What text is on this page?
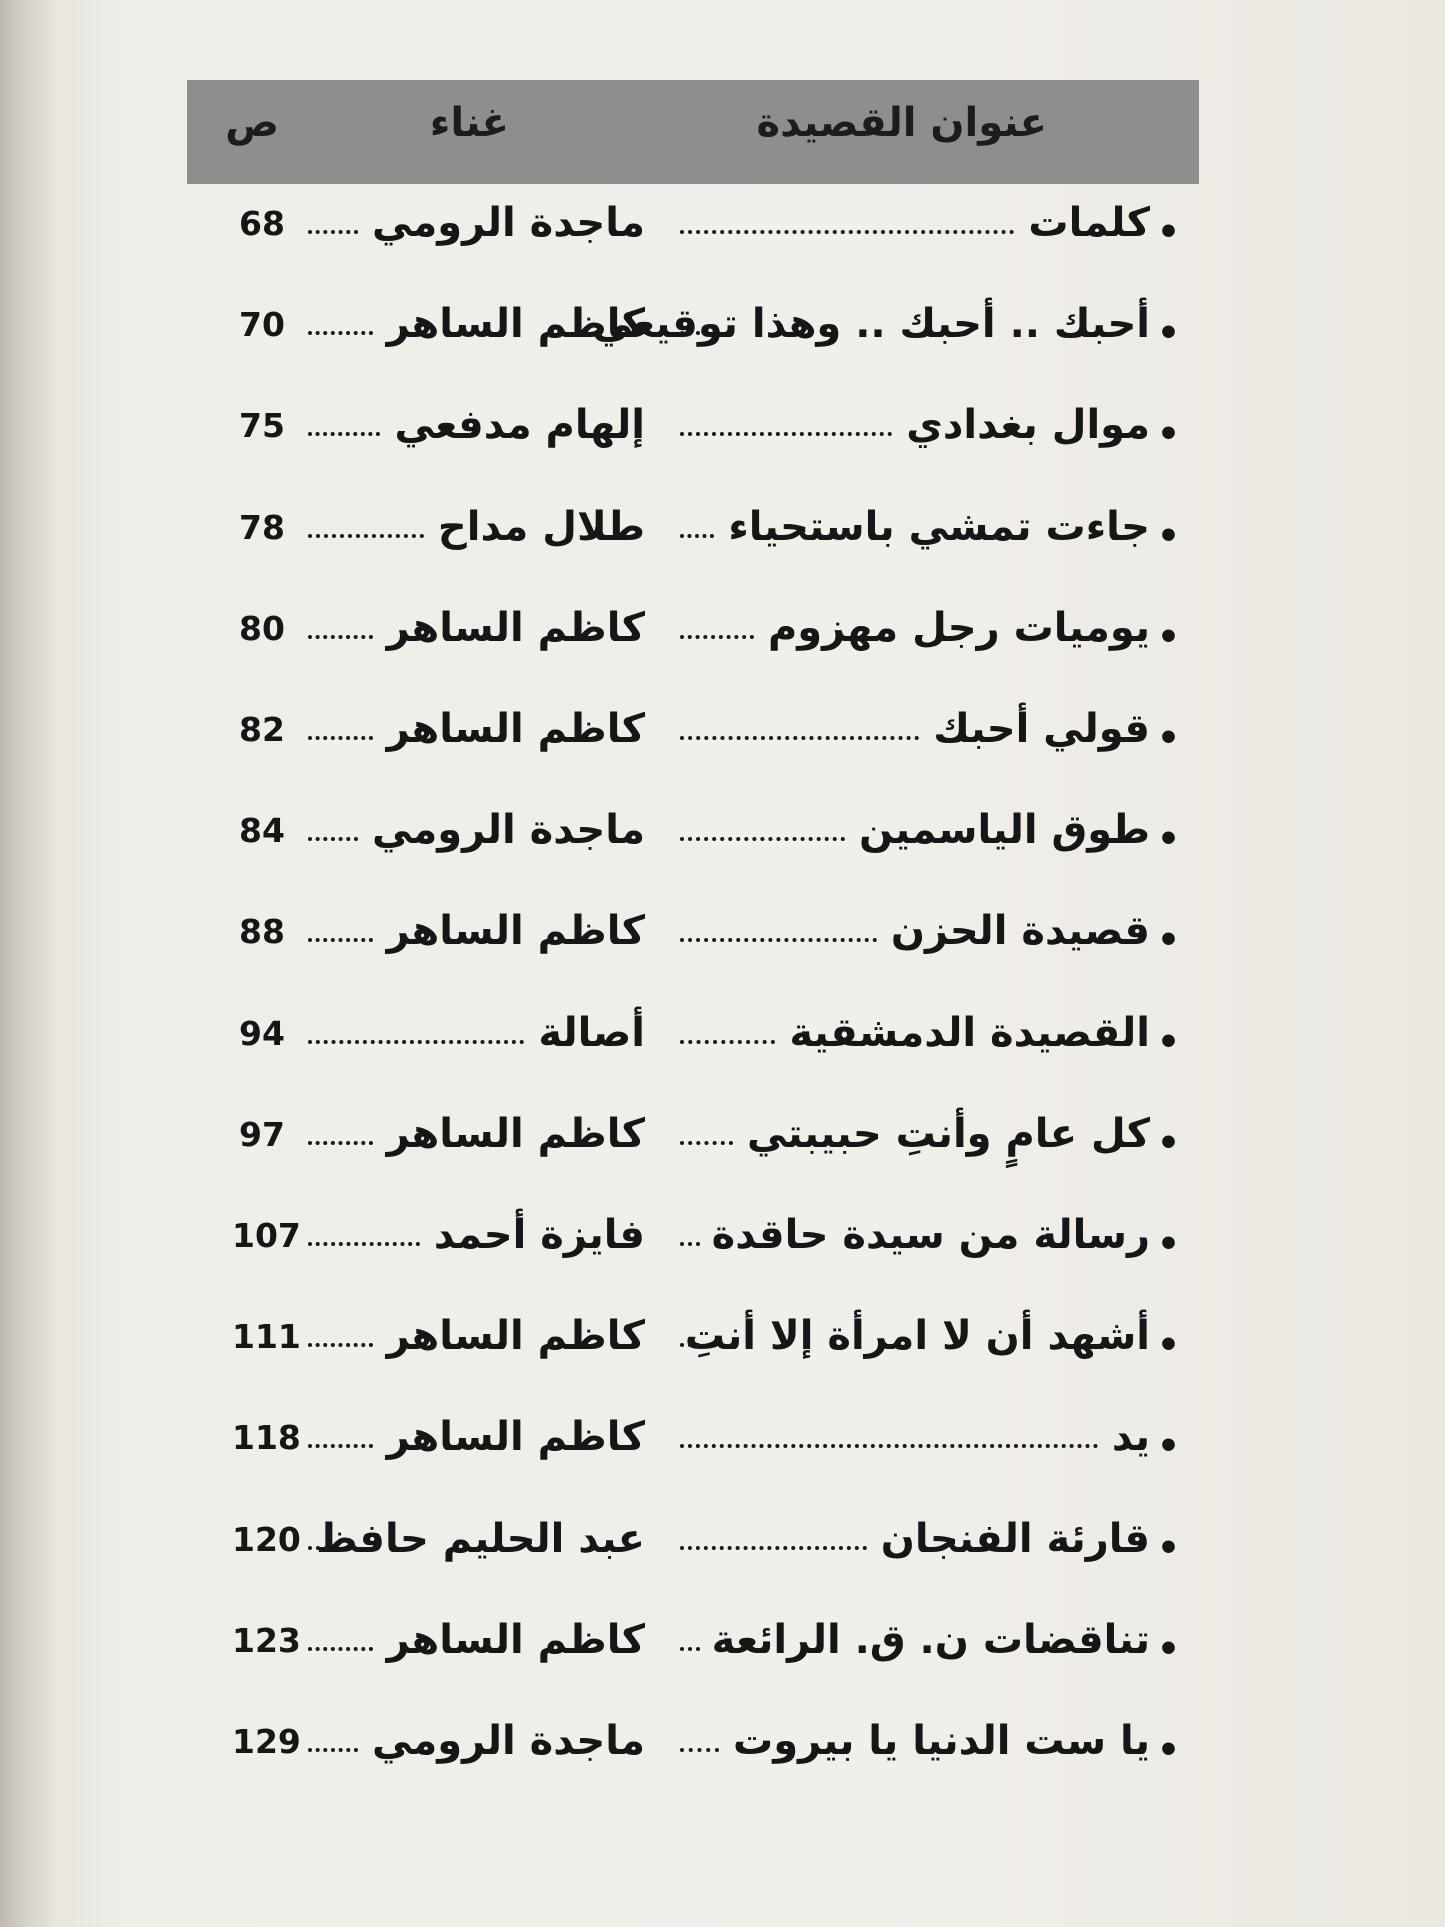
عنوان القصيدة
غناء
ص
•
كلمات
ماجدة الرومي
68
•
أحبك .. أحبك .. وهذا توقيعي
كاظم الساهر
70
•
موال بغدادي
إلهام مدفعي
75
•
جاءت تمشي باستحياء
طلال مداح
78
•
يوميات رجل مهزوم
كاظم الساهر
80
•
قولي أحبك
كاظم الساهر
82
•
طوق الياسمين
ماجدة الرومي
84
•
قصيدة الحزن
كاظم الساهر
88
•
القصيدة الدمشقية
أصالة
94
•
كل عامٍ وأنتِ حبيبتي
كاظم الساهر
97
•
رسالة من سيدة حاقدة
فايزة أحمد
107
•
أشهد أن لا امرأة إلا أنتِ
كاظم الساهر
111
•
يد
كاظم الساهر
118
•
قارئة الفنجان
عبد الحليم حافظ
120
•
تناقضات ن. ق. الرائعة
كاظم الساهر
123
•
يا ست الدنيا يا بيروت
ماجدة الرومي
129
